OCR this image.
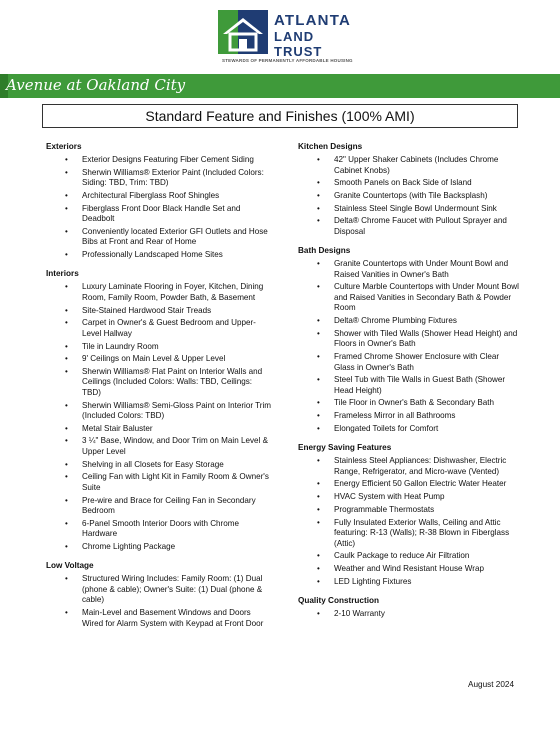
ATLANTA
LAND TRUST
STEWARDS OF PERMANENTLY AFFORDABLE HOUSING
Avenue at Oakland City
Standard Feature and Finishes (100% AMI)
Exteriors
• Exterior Designs Featuring Fiber Cement Siding
• Sherwin Williams® Exterior Paint (Included Colors: Siding: TBD, Trim: TBD)
• Architectural Fiberglass Roof Shingles
• Fiberglass Front Door Black Handle Set and Deadbolt
• Conveniently located Exterior GFI Outlets and Hose Bibs at Front and Rear of Home
• Professionally Landscaped Home Sites
Interiors
• Luxury Laminate Flooring in Foyer, Kitchen, Dining Room, Family Room, Powder Bath, & Basement
• Site-Stained Hardwood Stair Treads
• Carpet in Owner's & Guest Bedroom and Upper-Level Hallway
• Tile in Laundry Room
• 9' Ceilings on Main Level & Upper Level
• Sherwin Williams® Flat Paint on Interior Walls and Ceilings (Included Colors: Walls: TBD, Ceilings: TBD)
• Sherwin Williams® Semi-Gloss Paint on Interior Trim (Included Colors: TBD)
• Metal Stair Baluster
• 3 ¼" Base, Window, and Door Trim on Main Level & Upper Level
• Shelving in all Closets for Easy Storage
• Ceiling Fan with Light Kit in Family Room & Owner's Suite
• Pre-wire and Brace for Ceiling Fan in Secondary Bedroom
• 6-Panel Smooth Interior Doors with Chrome Hardware
• Chrome Lighting Package
Low Voltage
• Structured Wiring Includes: Family Room: (1) Dual (phone & cable); Owner's Suite: (1) Dual (phone & cable)
• Main-Level and Basement Windows and Doors Wired for Alarm System with Keypad at Front Door
Kitchen Designs
• 42" Upper Shaker Cabinets (Includes Chrome Cabinet Knobs)
• Smooth Panels on Back Side of Island
• Granite Countertops (with Tile Backsplash)
• Stainless Steel Single Bowl Undermount Sink
• Delta® Chrome Faucet with Pullout Sprayer and Disposal
Bath Designs
• Granite Countertops with Under Mount Bowl and Raised Vanities in Owner's Bath
• Culture Marble Countertops with Under Mount Bowl and Raised Vanities in Secondary Bath & Powder Room
• Delta® Chrome Plumbing Fixtures
• Shower with Tiled Walls (Shower Head Height) and Floors in Owner's Bath
• Framed Chrome Shower Enclosure with Clear Glass in Owner's Bath
• Steel Tub with Tile Walls in Guest Bath (Shower Head Height)
• Tile Floor in Owner's Bath & Secondary Bath
• Frameless Mirror in all Bathrooms
• Elongated Toilets for Comfort
Energy Saving Features
• Stainless Steel Appliances: Dishwasher, Electric Range, Refrigerator, and Micro-wave (Vented)
• Energy Efficient 50 Gallon Electric Water Heater
• HVAC System with Heat Pump
• Programmable Thermostats
• Fully Insulated Exterior Walls, Ceiling and Attic featuring: R-13 (Walls); R-38 Blown in Fiberglass (Attic)
• Caulk Package to reduce Air Filtration
• Weather and Wind Resistant House Wrap
• LED Lighting Fixtures
Quality Construction
• 2-10 Warranty
August 2024
